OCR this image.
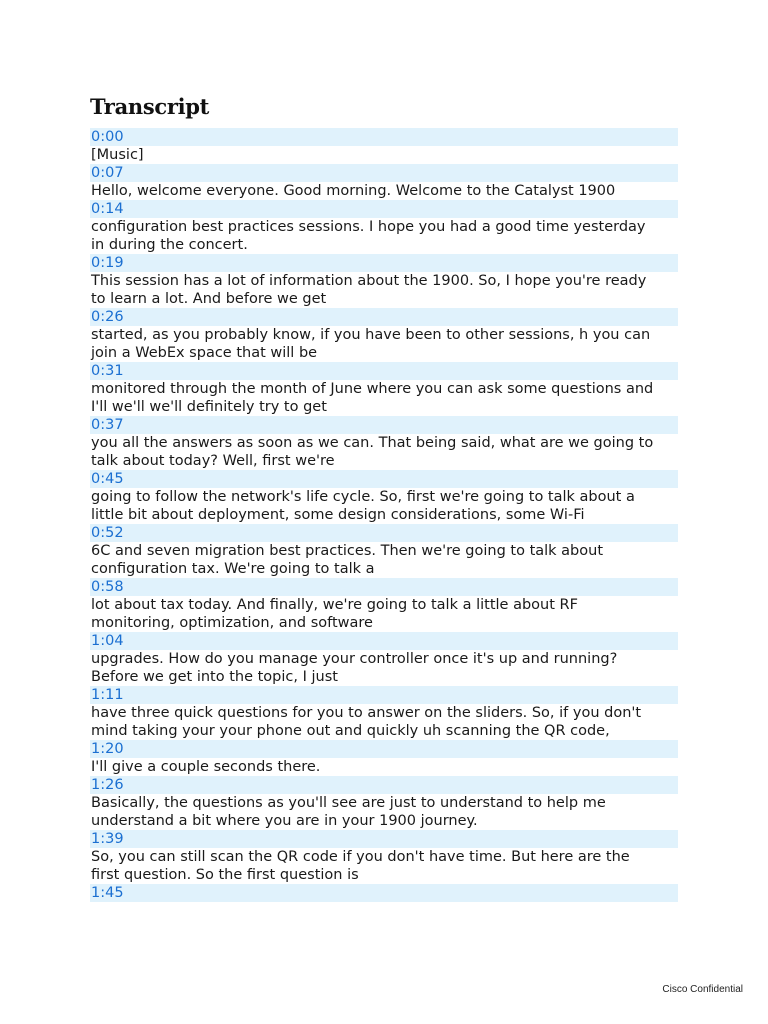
Transcript
0:00
[Music]
0:07
Hello, welcome everyone. Good morning. Welcome to the Catalyst 1900
0:14
configuration best practices sessions. I hope you had a good time yesterday
in during the concert.
0:19
This session has a lot of information about the 1900. So, I hope you're ready
to learn a lot. And before we get
0:26
started, as you probably know, if you have been to other sessions, h you can
join a WebEx space that will be
0:31
monitored through the month of June where you can ask some questions and
I'll we'll we'll definitely try to get
0:37
you all the answers as soon as we can. That being said, what are we going to
talk about today? Well, first we're
0:45
going to follow the network's life cycle. So, first we're going to talk about a
little bit about deployment, some design considerations, some Wi-Fi
0:52
6C and seven migration best practices. Then we're going to talk about
configuration tax. We're going to talk a
0:58
lot about tax today. And finally, we're going to talk a little about RF
monitoring, optimization, and software
1:04
upgrades. How do you manage your controller once it's up and running?
Before we get into the topic, I just
1:11
have three quick questions for you to answer on the sliders. So, if you don't
mind taking your your phone out and quickly uh scanning the QR code,
1:20
I'll give a couple seconds there.
1:26
Basically, the questions as you'll see are just to understand to help me
understand a bit where you are in your 1900 journey.
1:39
So, you can still scan the QR code if you don't have time. But here are the
first question. So the first question is
1:45
Cisco Confidential
